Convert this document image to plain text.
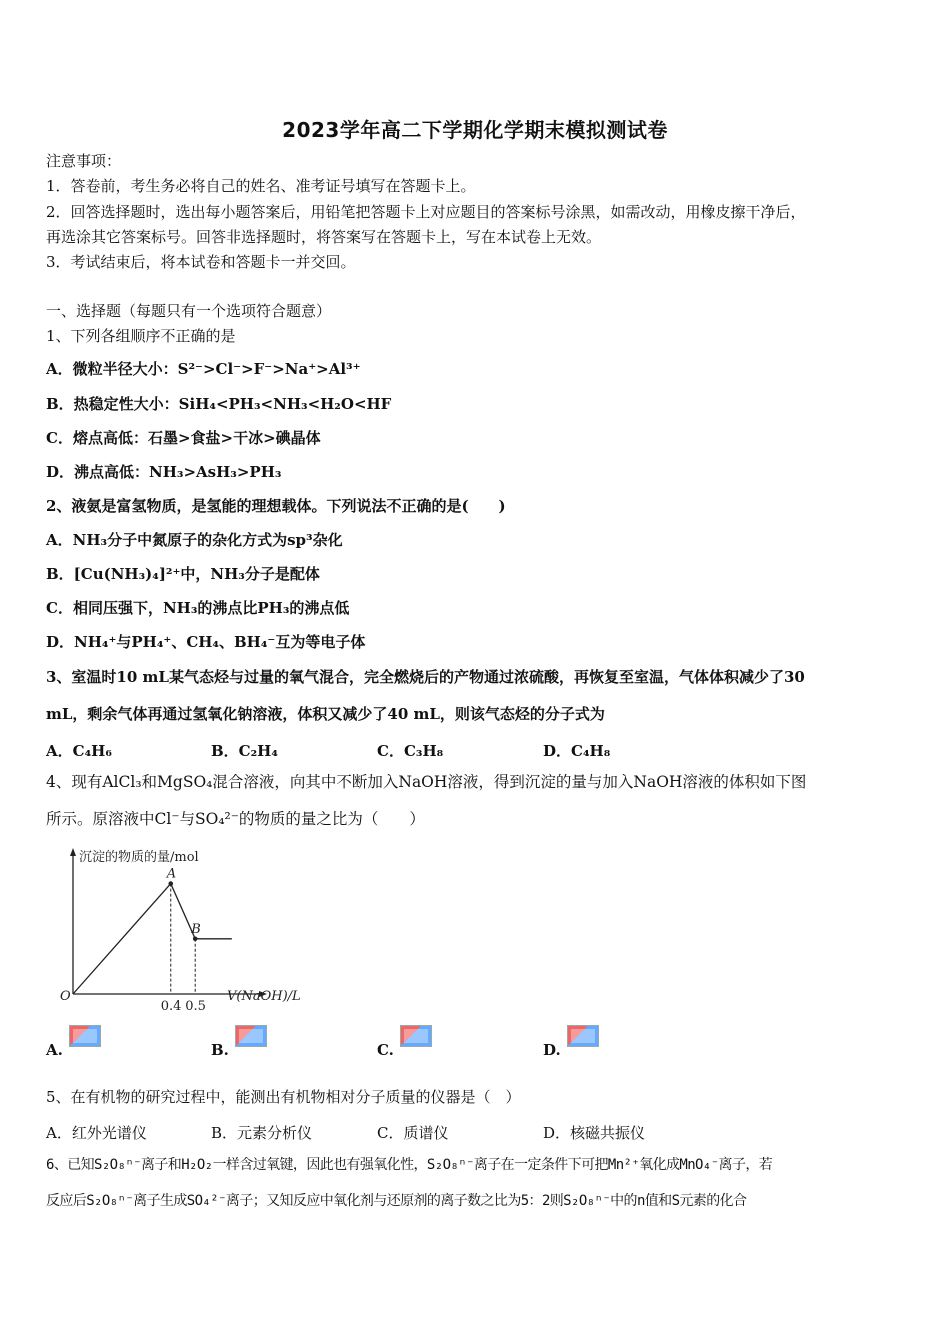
2023学年高二下学期化学期末模拟测试卷
注意事项：
1．答卷前，考生务必将自己的姓名、准考证号填写在答题卡上。
2．回答选择题时，选出每小题答案后，用铅笔把答题卡上对应题目的答案标号涂黑，如需改动，用橡皮擦干净后，
再选涂其它答案标号。回答非选择题时，将答案写在答题卡上，写在本试卷上无效。
3．考试结束后，将本试卷和答题卡一并交回。
一、选择题（每题只有一个选项符合题意）
1、下列各组顺序不正确的是
A．微粒半径大小：S²⁻>Cl⁻>F⁻>Na⁺>Al³⁺
B．热稳定性大小：SiH₄<PH₃<NH₃<H₂O<HF
C．熔点高低：石墨>食盐>干冰>碘晶体
D．沸点高低：NH₃>AsH₃>PH₃
2、液氨是富氢物质，是氢能的理想载体。下列说法不正确的是(　　)
A．NH₃分子中氮原子的杂化方式为sp³杂化
B．[Cu(NH₃)₄]²⁺中，NH₃分子是配体
C．相同压强下，NH₃的沸点比PH₃的沸点低
D．NH₄⁺与PH₄⁺、CH₄、BH₄⁻互为等电子体
3、室温时10 mL某气态烃与过量的氧气混合，完全燃烧后的产物通过浓硫酸，再恢复至室温，气体体积减少了30
mL，剩余气体再通过氢氧化钠溶液，体积又减少了40 mL，则该气态烃的分子式为
A．C₄H₆	B．C₂H₄	C．C₃H₈	D．C₄H₈
4、现有AlCl₃和MgSO₄混合溶液，向其中不断加入NaOH溶液，得到沉淀的量与加入NaOH溶液的体积如下图
所示。原溶液中Cl⁻与SO₄²⁻的物质的量之比为（　　）
沉淀的物质的量/mol
V(NaOH)/L
O
A
B
0.4 0.5
A.	B.	C.	D.
5、在有机物的研究过程中，能测出有机物相对分子质量的仪器是（　）
A．红外光谱仪	B．元素分析仪	C．质谱仪	D．核磁共振仪
6、已知S₂O₈ⁿ⁻离子和H₂O₂一样含过氧键，因此也有强氧化性，S₂O₈ⁿ⁻离子在一定条件下可把Mn²⁺氧化成MnO₄⁻离子，若
反应后S₂O₈ⁿ⁻离子生成SO₄²⁻离子；又知反应中氧化剂与还原剂的离子数之比为5：2则S₂O₈ⁿ⁻中的n值和S元素的化合
